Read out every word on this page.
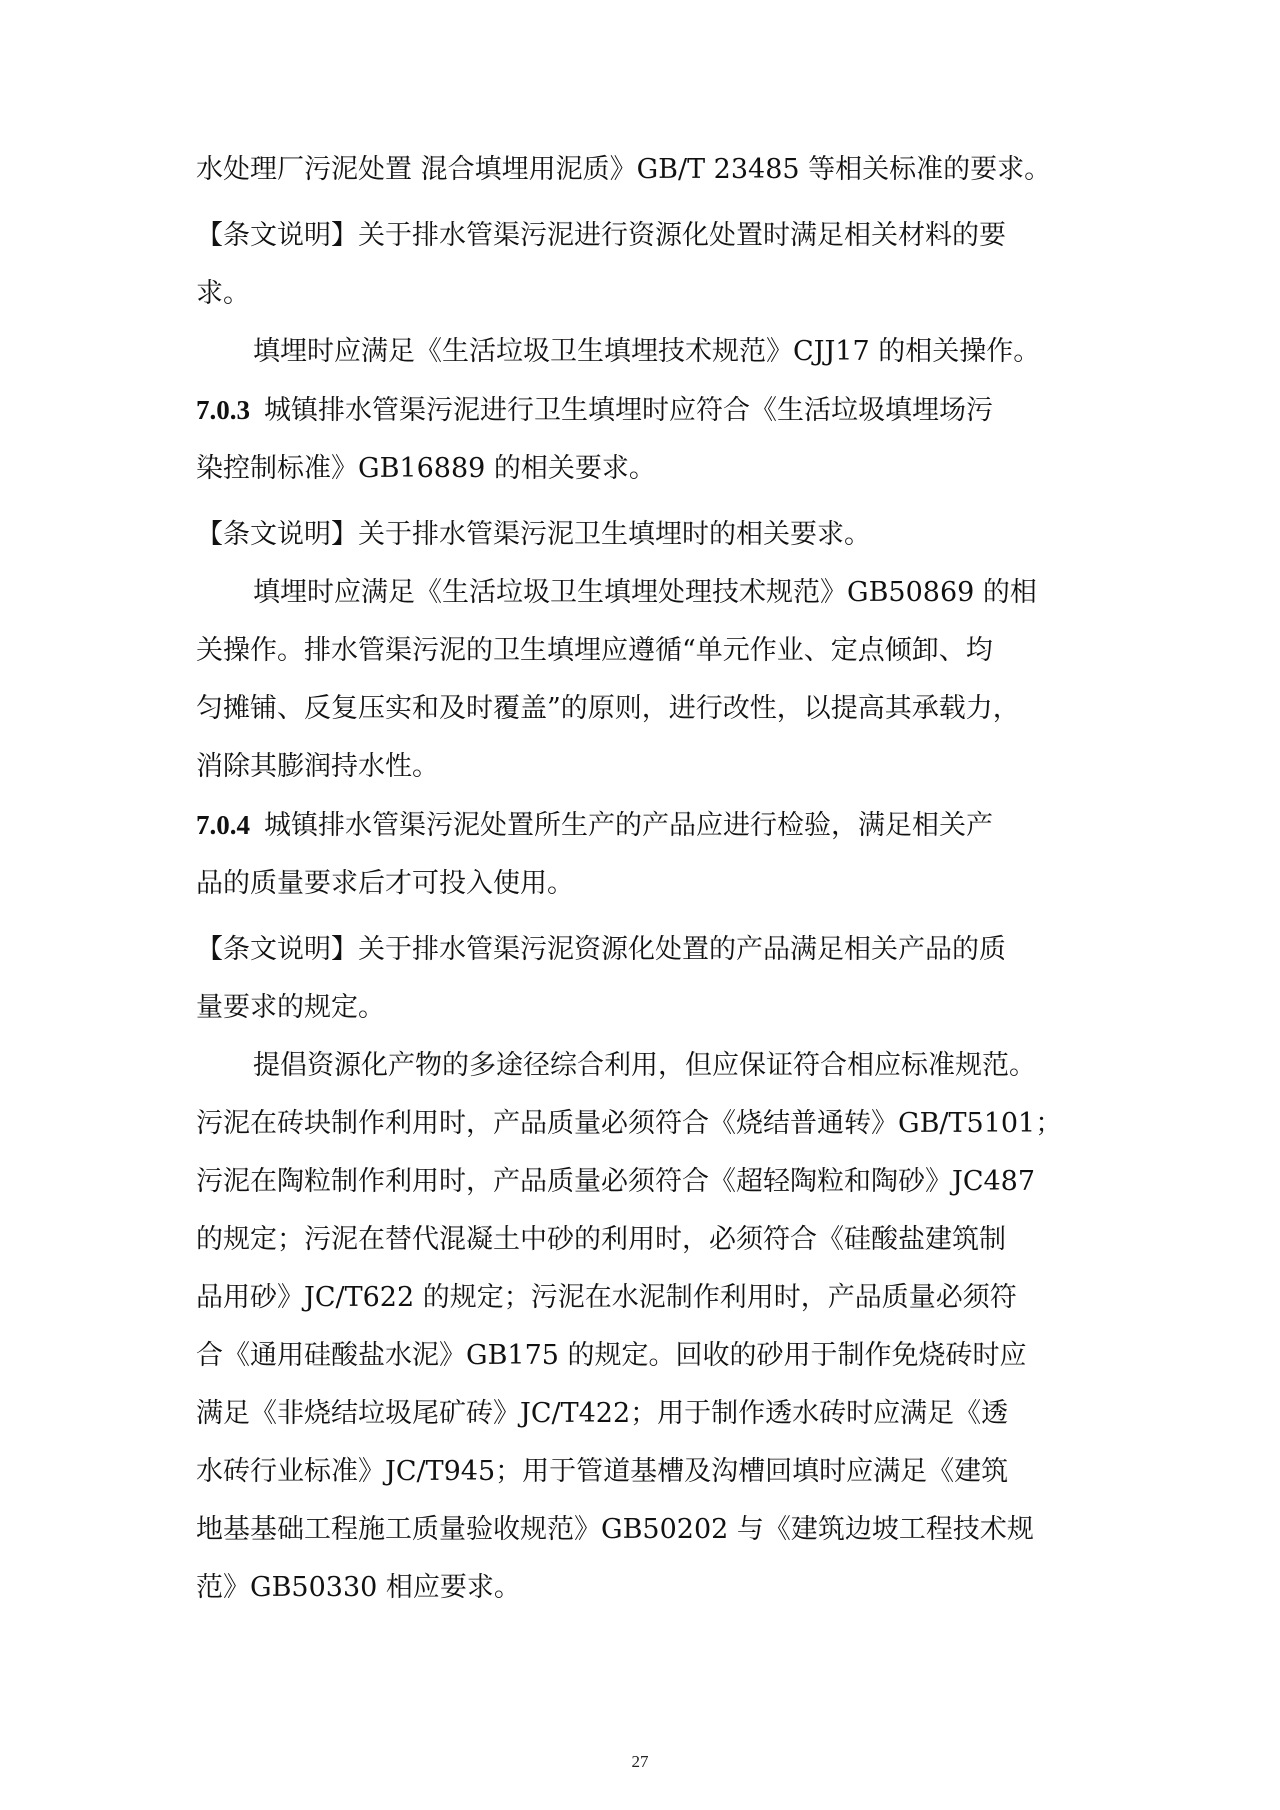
水处理厂污泥处置 混合填埋用泥质》GB/T 23485 等相关标准的要求。

【条文说明】关于排水管渠污泥进行资源化处置时满足相关材料的要

求。

填埋时应满足《生活垃圾卫生填埋技术规范》CJJ17 的相关操作。

7.0.3 城镇排水管渠污泥进行卫生填埋时应符合《生活垃圾填埋场污

染控制标准》GB16889 的相关要求。

【条文说明】关于排水管渠污泥卫生填埋时的相关要求。

填埋时应满足《生活垃圾卫生填埋处理技术规范》GB50869 的相

关操作。排水管渠污泥的卫生填埋应遵循“单元作业、定点倾卸、均

匀摊铺、反复压实和及时覆盖”的原则，进行改性，以提高其承载力，

消除其膨润持水性。

7.0.4 城镇排水管渠污泥处置所生产的产品应进行检验，满足相关产

品的质量要求后才可投入使用。

【条文说明】关于排水管渠污泥资源化处置的产品满足相关产品的质

量要求的规定。

提倡资源化产物的多途径综合利用，但应保证符合相应标准规范。

污泥在砖块制作利用时，产品质量必须符合《烧结普通转》GB/T5101；

污泥在陶粒制作利用时，产品质量必须符合《超轻陶粒和陶砂》JC487

的规定；污泥在替代混凝土中砂的利用时，必须符合《硅酸盐建筑制

品用砂》JC/T622 的规定；污泥在水泥制作利用时，产品质量必须符

合《通用硅酸盐水泥》GB175 的规定。回收的砂用于制作免烧砖时应

满足《非烧结垃圾尾矿砖》JC/T422；用于制作透水砖时应满足《透

水砖行业标准》JC/T945；用于管道基槽及沟槽回填时应满足《建筑

地基基础工程施工质量验收规范》GB50202 与《建筑边坡工程技术规

范》GB50330 相应要求。

27
